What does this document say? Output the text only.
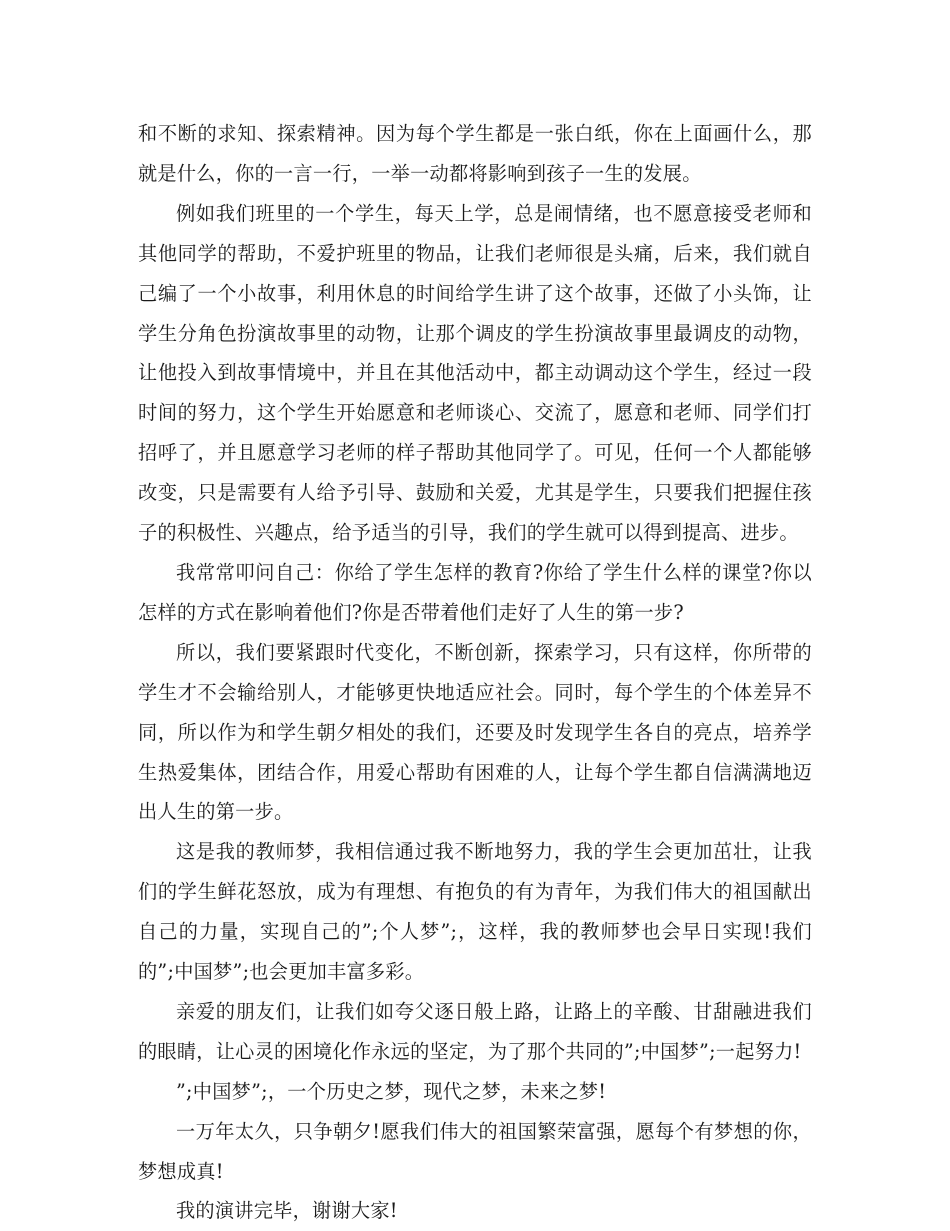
和不断的求知、探索精神。因为每个学生都是一张白纸，你在上面画什么，那就是什么，你的一言一行，一举一动都将影响到孩子一生的发展。

例如我们班里的一个学生，每天上学，总是闹情绪，也不愿意接受老师和其他同学的帮助，不爱护班里的物品，让我们老师很是头痛，后来，我们就自己编了一个小故事，利用休息的时间给学生讲了这个故事，还做了小头饰，让学生分角色扮演故事里的动物，让那个调皮的学生扮演故事里最调皮的动物，让他投入到故事情境中，并且在其他活动中，都主动调动这个学生，经过一段时间的努力，这个学生开始愿意和老师谈心、交流了，愿意和老师、同学们打招呼了，并且愿意学习老师的样子帮助其他同学了。可见，任何一个人都能够改变，只是需要有人给予引导、鼓励和关爱，尤其是学生，只要我们把握住孩子的积极性、兴趣点，给予适当的引导，我们的学生就可以得到提高、进步。

我常常叩问自己：你给了学生怎样的教育?你给了学生什么样的课堂?你以怎样的方式在影响着他们?你是否带着他们走好了人生的第一步?

所以，我们要紧跟时代变化，不断创新，探索学习，只有这样，你所带的学生才不会输给别人，才能够更快地适应社会。同时，每个学生的个体差异不同，所以作为和学生朝夕相处的我们，还要及时发现学生各自的亮点，培养学生热爱集体，团结合作，用爱心帮助有困难的人，让每个学生都自信满满地迈出人生的第一步。

这是我的教师梦，我相信通过我不断地努力，我的学生会更加茁壮，让我们的学生鲜花怒放，成为有理想、有抱负的有为青年，为我们伟大的祖国献出自己的力量，实现自己的”;个人梦”;，这样，我的教师梦也会早日实现!我们的”;中国梦”;也会更加丰富多彩。

亲爱的朋友们，让我们如夸父逐日般上路，让路上的辛酸、甘甜融进我们的眼睛，让心灵的困境化作永远的坚定，为了那个共同的”;中国梦”;一起努力!

”;中国梦”;，一个历史之梦，现代之梦，未来之梦!

一万年太久，只争朝夕!愿我们伟大的祖国繁荣富强，愿每个有梦想的你，梦想成真!

我的演讲完毕，谢谢大家!
